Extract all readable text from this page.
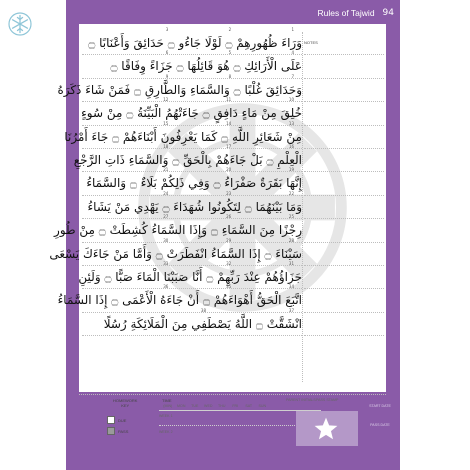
Rules of Tajwid 94
NOTES
1
2
3
وَرَاءَ ظُهُورِهِمْ ۝ لَوْلَا جَاءُو ۝ حَدَائِقَ وَأَعْنَابًا ۝
4
5
6
عَلَى الْأَرَائِكِ ۝ هُوَ قَائِلُهَا ۝ جَزَاءً وِفَاقًا ۝
7
8
9
وَحَدَائِقَ غُلْبًا ۝ وَالسَّمَاءِ وَالطَّارِقِ ۝ فَمَنْ شَاءَ ذَكَرَهُ
10
11
12
خُلِقَ مِنْ مَاءٍ دَافِقٍ ۝ جَاءَتْهُمُ الْبَيِّنَةُ ۝ مِنْ سُوءٍ
13
14
15
مِنْ شَعَائِرِ اللَّهِ ۝ كَمَا يَعْرِفُونَ أَبْنَاءَهُمْ ۝ جَاءَ أَمْرُنَا
16
17
18
الْعِلْمِ ۝ بَلْ جَاءَهُمْ بِالْحَقِّ ۝ وَالسَّمَاءِ ذَاتِ الرَّجْعِ
19
20
21
إِنَّهَا بَقَرَةٌ صَفْرَاءُ ۝ وَفِي ذَلِكُمْ بَلَاءٌ ۝ وَالسَّمَاءُ
22
23
24
وَمَا بَيْنَهُمَا ۝ لِتَكُونُوا شُهَدَاءَ ۝ يَهْدِي مَنْ يَشَاءُ
25
26
27
رِجْزًا مِنَ السَّمَاءِ ۝ وَإِذَا السَّمَاءُ كُشِطَتْ ۝ مِنْ طُورِ
28
29
30
سَيْنَاءَ ۝ إِذَا السَّمَاءُ انْفَطَرَتْ ۝ وَأَمَّا مَنْ جَاءَكَ يَسْعَى
31
32
33
جَزَاؤُهُمْ عِنْدَ رَبِّهِمْ ۝ أَنَّا صَبَبْنَا الْمَاءَ صَبًّا ۝ وَلَئِنِ
34
35
36
اتَّبَعَ الْحَقُّ أَهْوَاءَهُمْ ۝ أَنْ جَاءَهُ الْأَعْمَى ۝ إِذَا السَّمَاءُ
37
38
انْشَقَّتْ ۝ اللَّهُ يَصْطَفِي مِنَ الْمَلَائِكَةِ رُسُلًا
HOMEWORK
KEY
DUE
PASS
TIME
(MIN)	MON	TUE	WED	THU	FRI	SAT	SUN
WEEK 1
WEEK 2
PARENT INITIALS PASS STAMP
START DATE
PASS DATE
